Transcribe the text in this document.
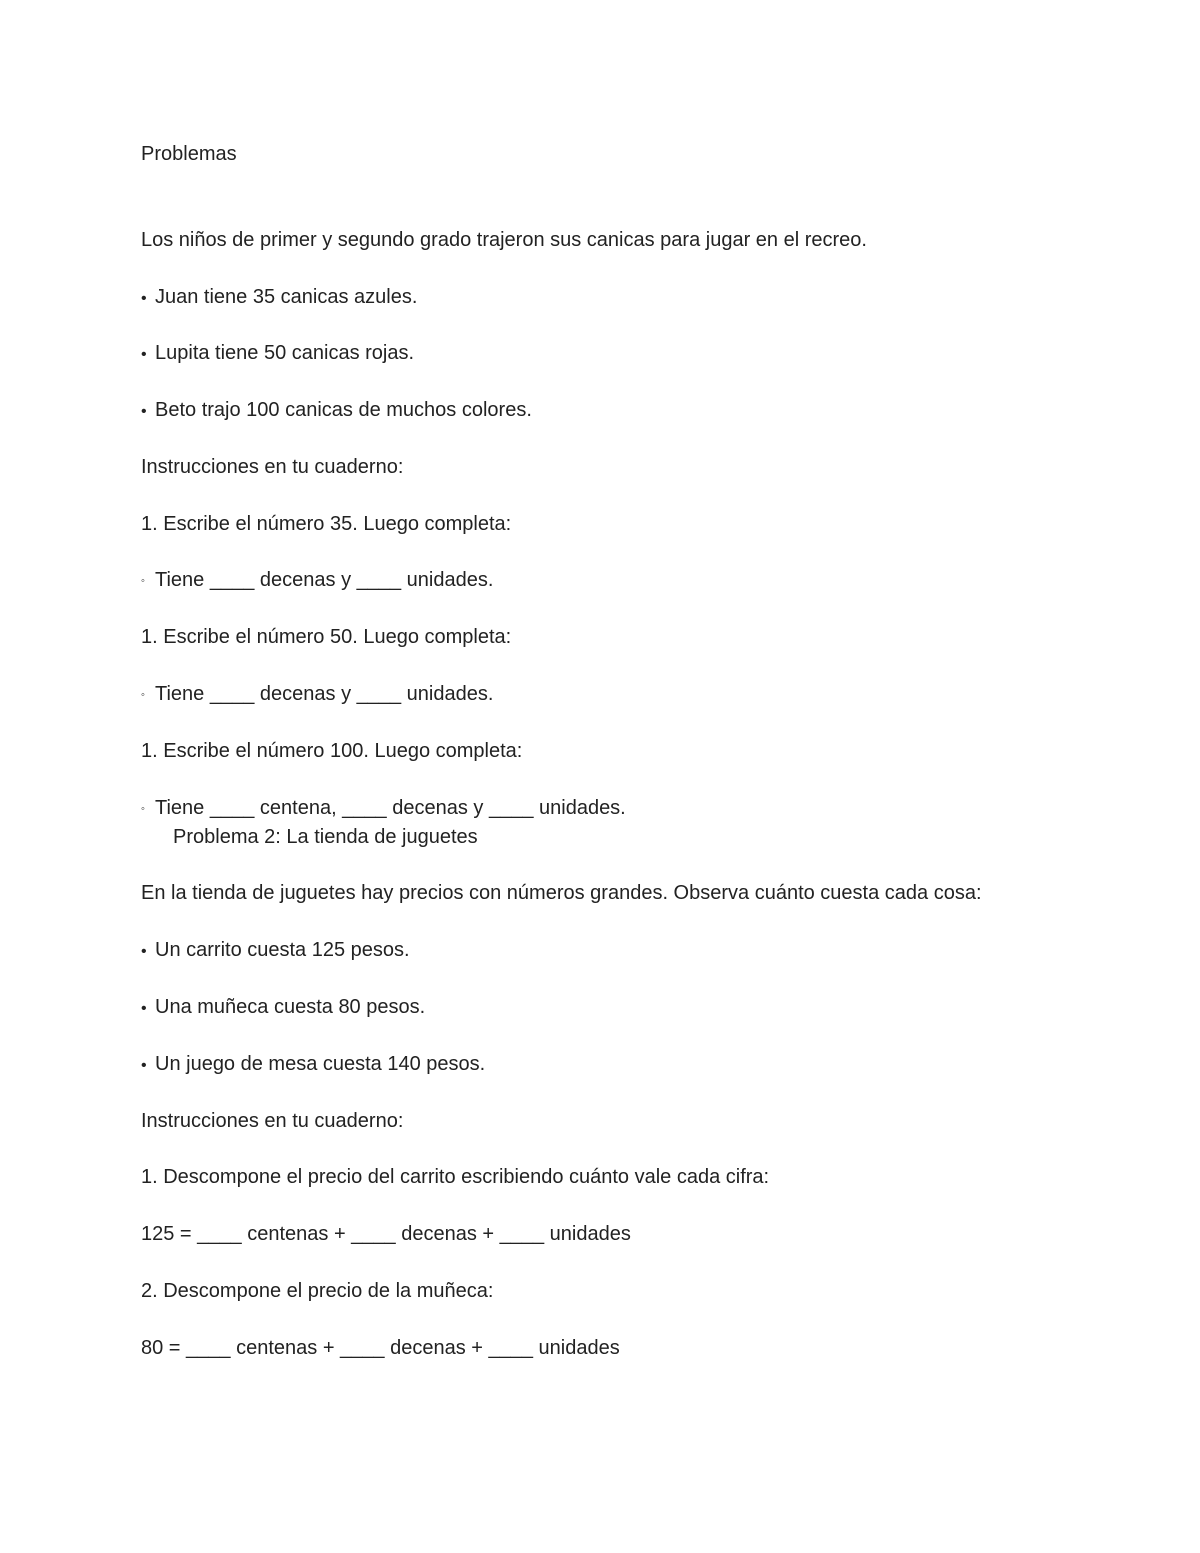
Problemas

Los niños de primer y segundo grado trajeron sus canicas para jugar en el recreo.

• Juan tiene 35 canicas azules.

• Lupita tiene 50 canicas rojas.

• Beto trajo 100 canicas de muchos colores.

Instrucciones en tu cuaderno:

1. Escribe el número 35. Luego completa:

◦ Tiene ____ decenas y ____ unidades.

1. Escribe el número 50. Luego completa:

◦ Tiene ____ decenas y ____ unidades.

1. Escribe el número 100. Luego completa:

◦ Tiene ____ centena, ____ decenas y ____ unidades.

Problema 2: La tienda de juguetes

En la tienda de juguetes hay precios con números grandes. Observa cuánto cuesta cada cosa:

• Un carrito cuesta 125 pesos.

• Una muñeca cuesta 80 pesos.

• Un juego de mesa cuesta 140 pesos.

Instrucciones en tu cuaderno:

1. Descompone el precio del carrito escribiendo cuánto vale cada cifra:

125 = ____ centenas + ____ decenas + ____ unidades

2. Descompone el precio de la muñeca:

80 = ____ centenas + ____ decenas + ____ unidades
